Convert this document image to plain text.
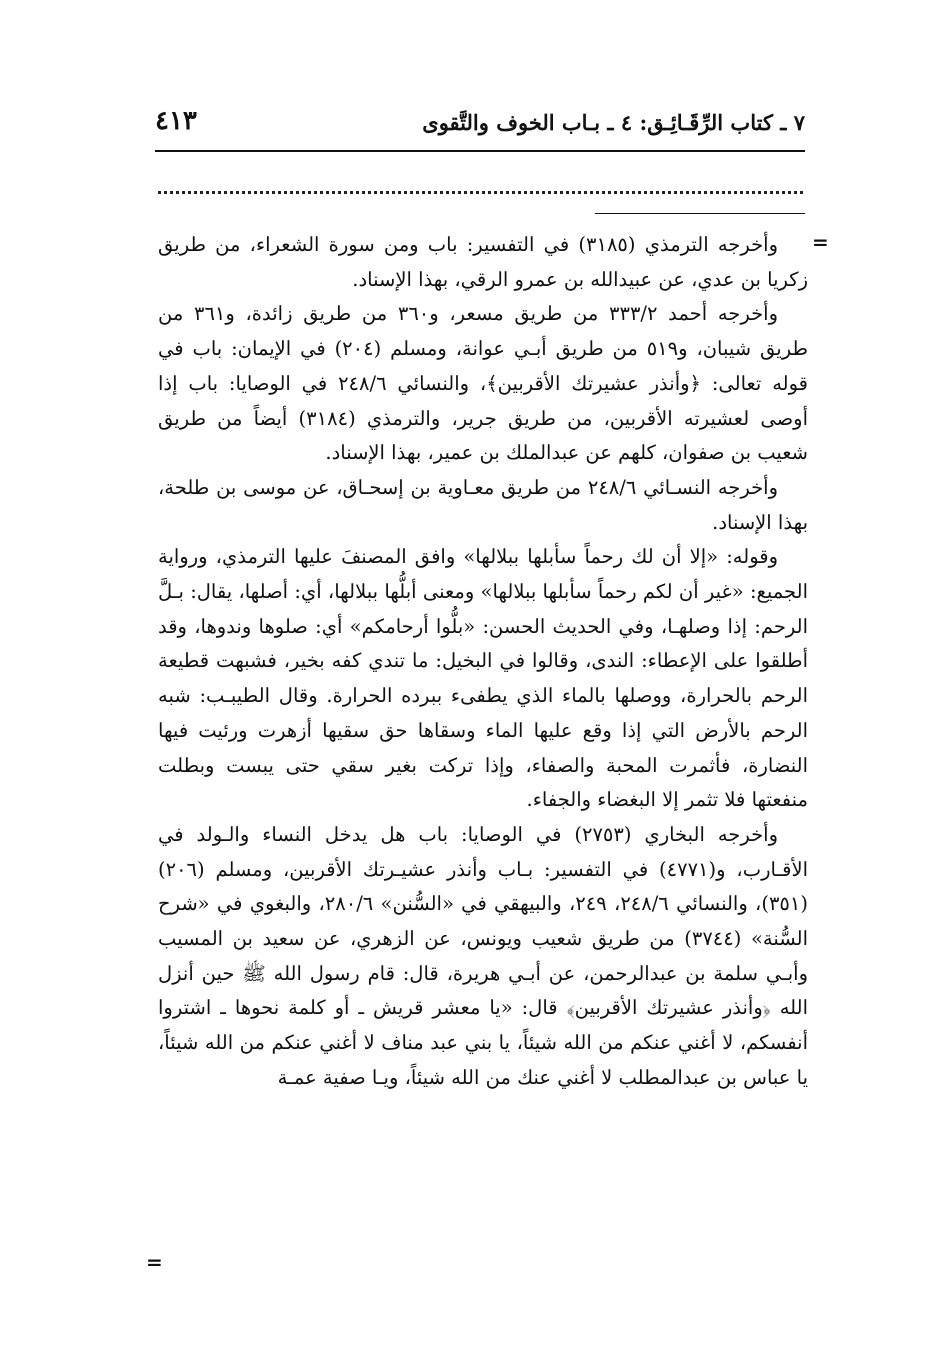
٧ ـ كتاب الرِّقَـائِـق: ٤ ـ بـاب الخوف والتَّقوى
٤١٣
=

وأخرجه الترمذي (٣١٨٥) في التفسير: باب ومن سورة الشعراء، من طريق زكريا بن عدي، عن عبيدالله بن عمرو الرقي، بهذا الإسناد.

وأخرجه أحمد ٣٣٣/٢ من طريق مسعر، و٣٦٠ من طريق زائدة، و٣٦١ من طريق شيبان، و٥١٩ من طريق أبـي عوانة، ومسلم (٢٠٤) في الإيمان: باب في قوله تعالى: ﴿وأنذر عشيرتك الأقربين﴾، والنسائي ٢٤٨/٦ في الوصايا: باب إذا أوصى لعشيرته الأقربين، من طريق جرير، والترمذي (٣١٨٤) أيضاً من طريق شعيب بن صفوان، كلهم عن عبدالملك بن عمير، بهذا الإسناد.

وأخرجه النسـائي ٢٤٨/٦ من طريق معـاوية بن إسحـاق، عن موسى بن طلحة، بهذا الإسناد.

وقوله: «إلا أن لك رحماً سأبلها ببلالها» وافق المصنفَ عليها الترمذي، ورواية الجميع: «غير أن لكم رحماً سأبلها ببلالها» ومعنى أبلُّها ببلالها، أي: أصلها، يقال: بـلَّ الرحم: إذا وصلهـا، وفي الحديث الحسن: «بلُّوا أرحامكم» أي: صلوها وندوها، وقد أطلقوا على الإعطاء: الندى، وقالوا في البخيل: ما تندي كفه بخير، فشبهت قطيعة الرحم بالحرارة، ووصلها بالماء الذي يطفىء ببرده الحرارة. وقال الطيبـب: شبه الرحم بالأرض التي إذا وقع عليها الماء وسقاها حق سقيها أزهرت ورئيت فيها النضارة، فأثمرت المحبة والصفاء، وإذا تركت بغير سقي حتى يبست وبطلت منفعتها فلا تثمر إلا البغضاء والجفاء.

وأخرجه البخاري (٢٧٥٣) في الوصايا: باب هل يدخل النساء والـولد في الأقـارب، و(٤٧٧١) في التفسير: بـاب وأنذر عشيـرتك الأقربين، ومسلم (٢٠٦) (٣٥١)، والنسائي ٢٤٨/٦، ٢٤٩، والبيهقي في «السُّنن» ٢٨٠/٦، والبغوي في «شرح السُّنة» (٣٧٤٤) من طريق شعيب ويونس، عن الزهري، عن سعيد بن المسيب وأبـي سلمة بن عبدالرحمن، عن أبـي هريرة، قال: قام رسول الله ﷺ حين أنزل الله ﴿وأنذر عشيرتك الأقربين﴾ قال: «يا معشر قريش ـ أو كلمة نحوها ـ اشتروا أنفسكم، لا أغني عنكم من الله شيئاً، يا بني عبد مناف لا أغني عنكم من الله شيئاً، يا عباس بن عبدالمطلب لا أغني عنك من الله شيئاً، ويـا صفية عمـة

=
